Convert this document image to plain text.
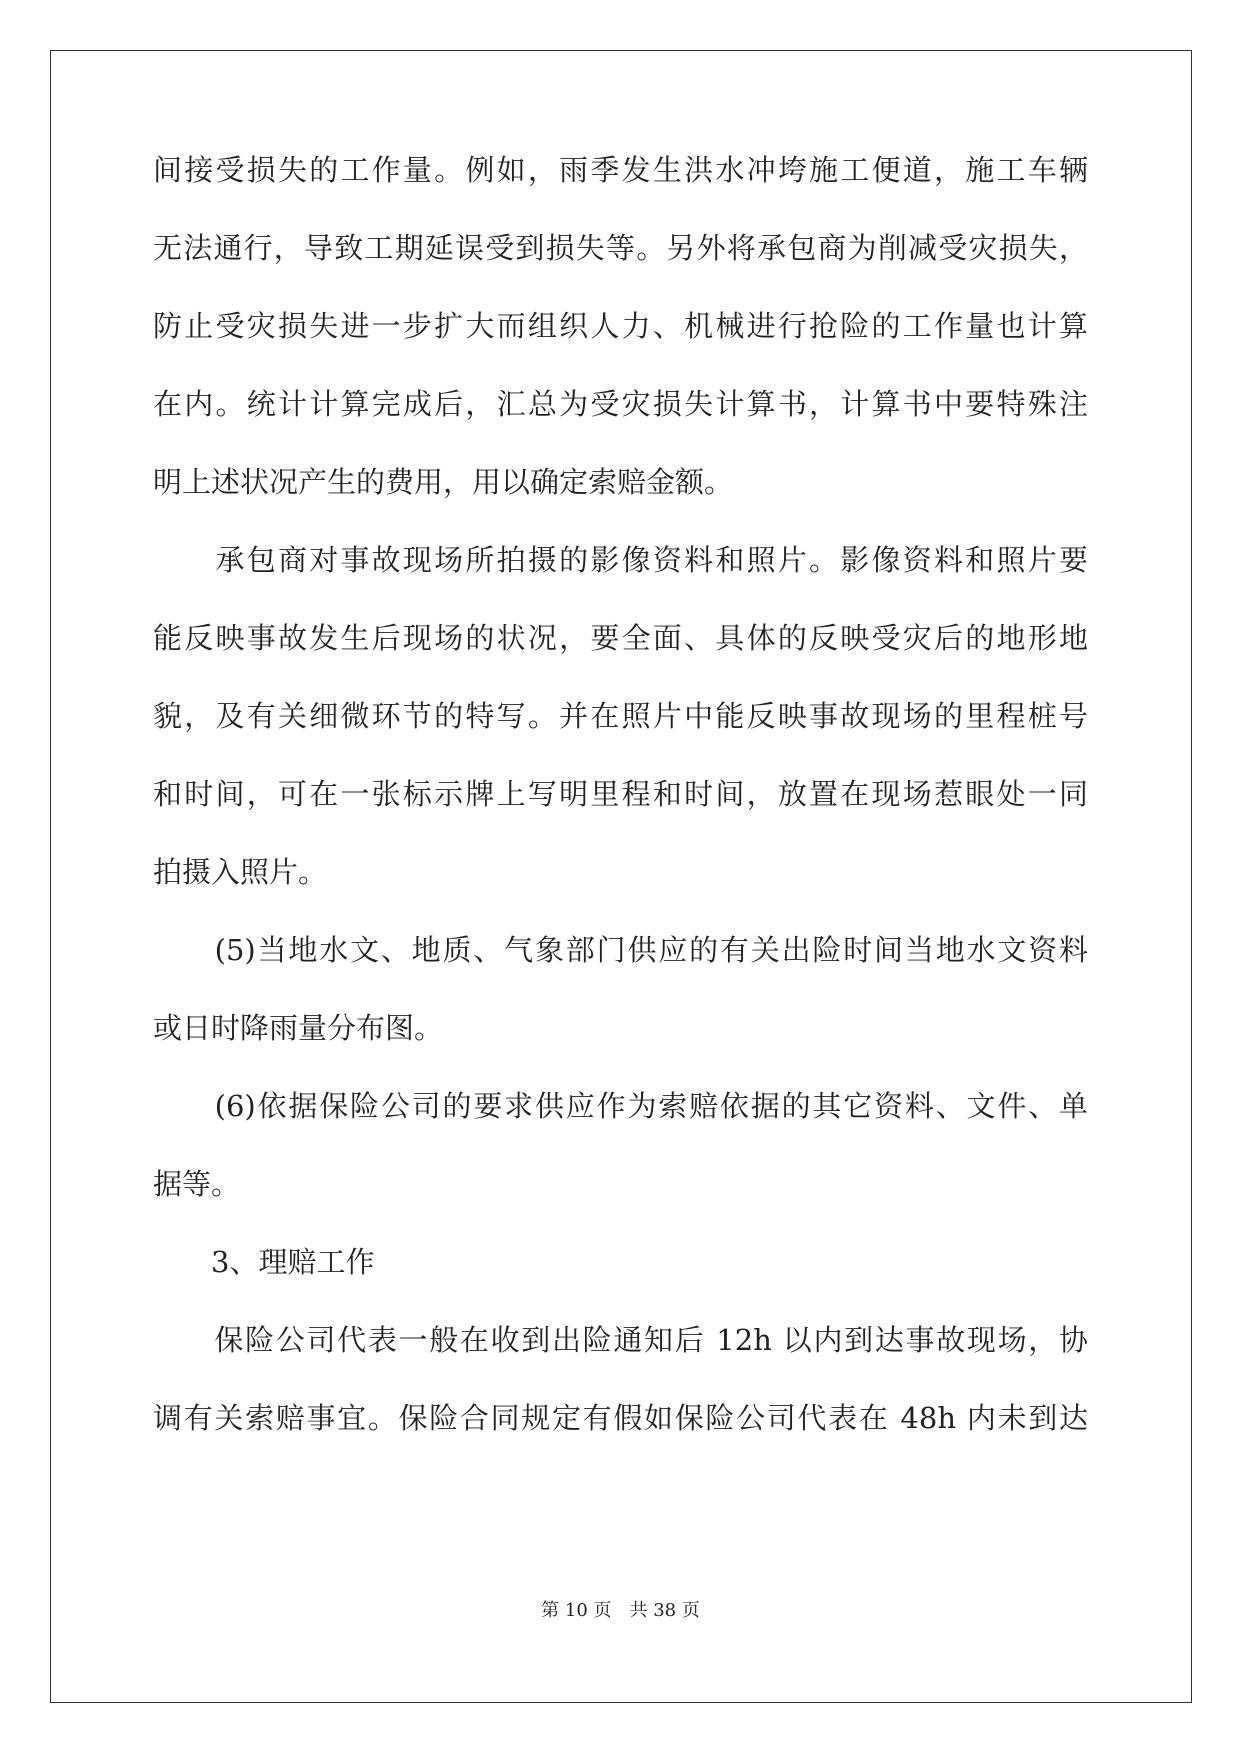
间接受损失的工作量。例如，雨季发生洪水冲垮施工便道，施工车辆
无法通行，导致工期延误受到损失等。另外将承包商为削减受灾损失，
防止受灾损失进一步扩大而组织人力、机械进行抢险的工作量也计算
在内。统计计算完成后，汇总为受灾损失计算书，计算书中要特殊注
明上述状况产生的费用，用以确定索赔金额。
　　承包商对事故现场所拍摄的影像资料和照片。影像资料和照片要
能反映事故发生后现场的状况，要全面、具体的反映受灾后的地形地
貌，及有关细微环节的特写。并在照片中能反映事故现场的里程桩号
和时间，可在一张标示牌上写明里程和时间，放置在现场惹眼处一同
拍摄入照片。
　　(5)当地水文、地质、气象部门供应的有关出险时间当地水文资料
或日时降雨量分布图。
　　(6)依据保险公司的要求供应作为索赔依据的其它资料、文件、单
据等。
　　3、理赔工作
　　保险公司代表一般在收到出险通知后 12h 以内到达事故现场，协
调有关索赔事宜。保险合同规定有假如保险公司代表在 48h 内未到达
第 10 页　共 38 页
